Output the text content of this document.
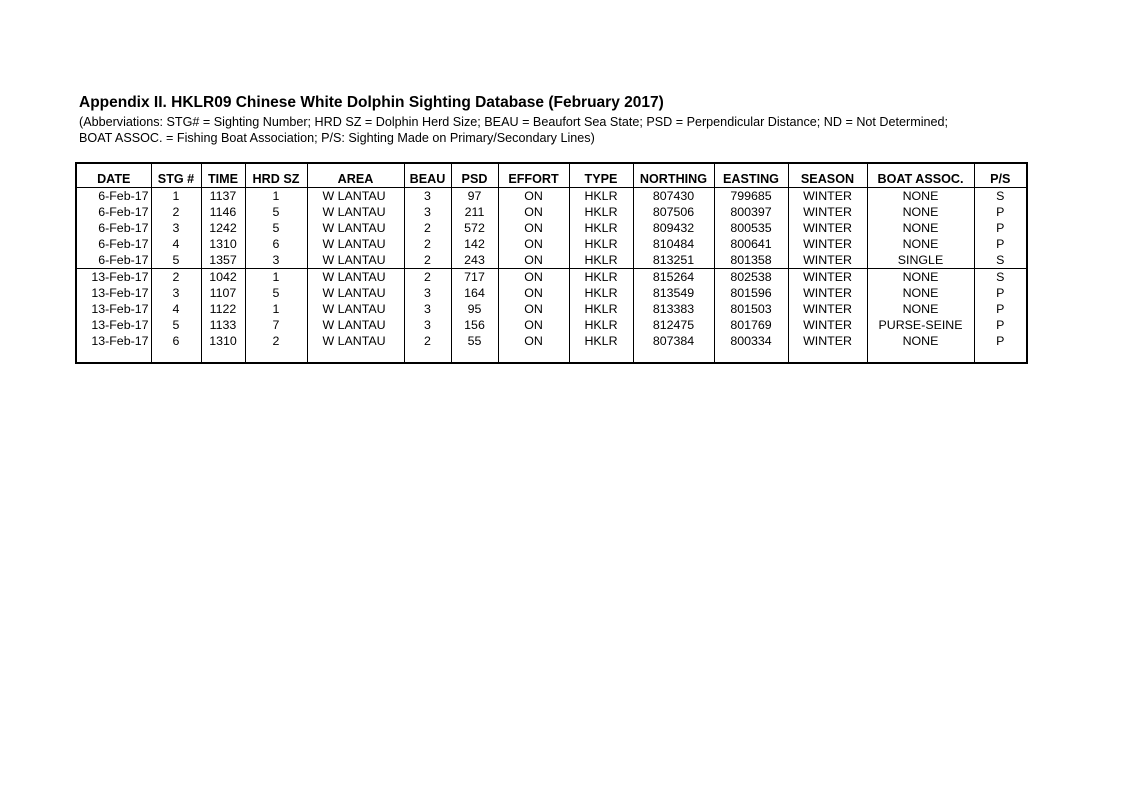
Appendix II. HKLR09 Chinese White Dolphin Sighting Database (February 2017)
(Abberviations: STG# = Sighting Number; HRD SZ = Dolphin Herd Size; BEAU = Beaufort Sea State; PSD = Perpendicular Distance; ND = Not Determined;
BOAT ASSOC. = Fishing Boat Association; P/S: Sighting Made on Primary/Secondary Lines)
DATE	STG #	TIME	HRD SZ	AREA	BEAU	PSD	EFFORT	TYPE	NORTHING	EASTING	SEASON	BOAT ASSOC.	P/S
6-Feb-17	1	1137	1	W LANTAU	3	97	ON	HKLR	807430	799685	WINTER	NONE	S
6-Feb-17	2	1146	5	W LANTAU	3	211	ON	HKLR	807506	800397	WINTER	NONE	P
6-Feb-17	3	1242	5	W LANTAU	2	572	ON	HKLR	809432	800535	WINTER	NONE	P
6-Feb-17	4	1310	6	W LANTAU	2	142	ON	HKLR	810484	800641	WINTER	NONE	P
6-Feb-17	5	1357	3	W LANTAU	2	243	ON	HKLR	813251	801358	WINTER	SINGLE	S
13-Feb-17	2	1042	1	W LANTAU	2	717	ON	HKLR	815264	802538	WINTER	NONE	S
13-Feb-17	3	1107	5	W LANTAU	3	164	ON	HKLR	813549	801596	WINTER	NONE	P
13-Feb-17	4	1122	1	W LANTAU	3	95	ON	HKLR	813383	801503	WINTER	NONE	P
13-Feb-17	5	1133	7	W LANTAU	3	156	ON	HKLR	812475	801769	WINTER	PURSE-SEINE	P
13-Feb-17	6	1310	2	W LANTAU	2	55	ON	HKLR	807384	800334	WINTER	NONE	P
